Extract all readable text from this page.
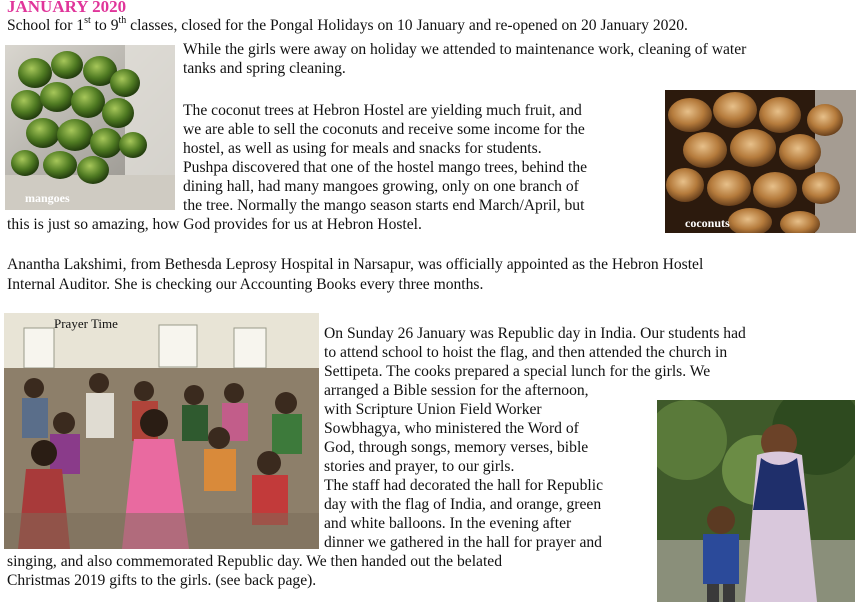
JANUARY 2020
School for 1st to 9th classes, closed for the Pongal Holidays on 10 January and re-opened on 20 January 2020.
mangoes
coconuts
While the girls were away on holiday we attended to maintenance work, cleaning of water
tanks and spring cleaning.
The coconut trees at Hebron Hostel are yielding much fruit, and
we are able to sell the coconuts and receive some income for the
hostel, as well as using for meals and snacks for students.
Pushpa discovered that one of the hostel mango trees, behind the
dining hall, had many mangoes growing, only on one branch of
the tree. Normally the mango season starts end March/April, but
this is just so amazing, how God provides for us at Hebron Hostel.
Anantha Lakshimi, from Bethesda Leprosy Hospital in Narsapur, was officially appointed as the Hebron Hostel
Internal Auditor. She is checking our Accounting Books every three months.
Prayer Time
On Sunday 26 January was Republic day in India. Our students had
to attend school to hoist the flag, and then attended the church in
Settipeta. The cooks prepared a special lunch for the girls. We
arranged a Bible session for the afternoon,
with Scripture Union Field Worker
Sowbhagya, who ministered the Word of
God, through songs, memory verses, bible
stories and prayer, to our girls.
The staff had decorated the hall for Republic
day with the flag of India, and orange, green
and white balloons. In the evening after
dinner we gathered in the hall for prayer and
singing, and also commemorated Republic day. We then handed out the belated
Christmas 2019 gifts to the girls. (see back page).
